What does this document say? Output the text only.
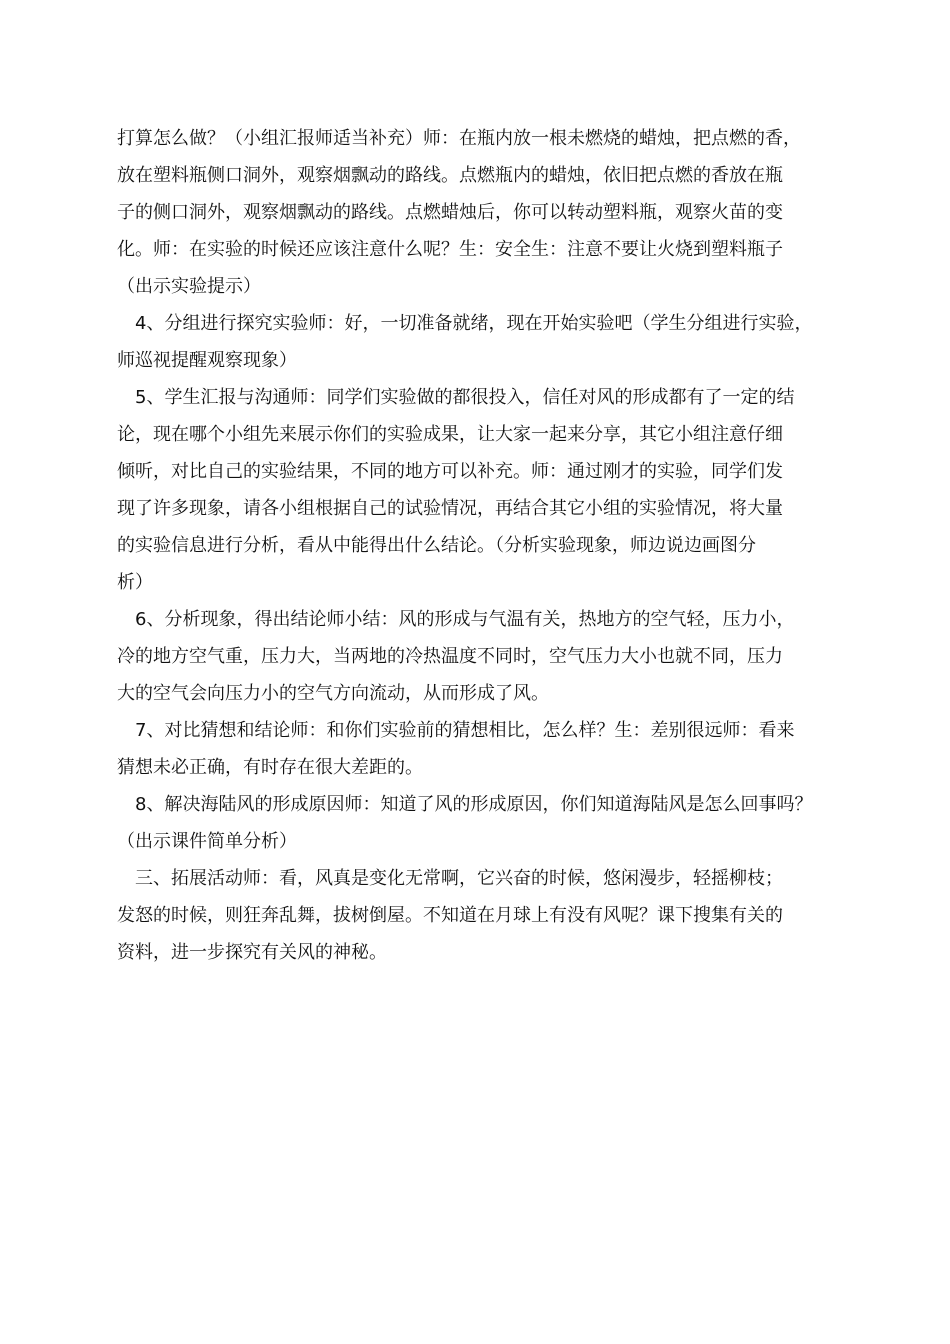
打算怎么做？（小组汇报师适当补充）师：在瓶内放一根未燃烧的蜡烛，把点燃的香，
放在塑料瓶侧口洞外，观察烟飘动的路线。点燃瓶内的蜡烛，依旧把点燃的香放在瓶
子的侧口洞外，观察烟飘动的路线。点燃蜡烛后，你可以转动塑料瓶，观察火苗的变
化。师：在实验的时候还应该注意什么呢？生：安全生：注意不要让火烧到塑料瓶子
（出示实验提示）
4、分组进行探究实验师：好，一切准备就绪，现在开始实验吧（学生分组进行实验，
师巡视提醒观察现象）
5、学生汇报与沟通师：同学们实验做的都很投入，信任对风的形成都有了一定的结
论，现在哪个小组先来展示你们的实验成果，让大家一起来分享，其它小组注意仔细
倾听，对比自己的实验结果，不同的地方可以补充。师：通过刚才的实验，同学们发
现了许多现象，请各小组根据自己的试验情况，再结合其它小组的实验情况，将大量
的实验信息进行分析，看从中能得出什么结论。（分析实验现象，师边说边画图分
析）
6、分析现象，得出结论师小结：风的形成与气温有关，热地方的空气轻，压力小，
冷的地方空气重，压力大，当两地的冷热温度不同时，空气压力大小也就不同，压力
大的空气会向压力小的空气方向流动，从而形成了风。
7、对比猜想和结论师：和你们实验前的猜想相比，怎么样？生：差别很远师：看来
猜想未必正确，有时存在很大差距的。
8、解决海陆风的形成原因师：知道了风的形成原因，你们知道海陆风是怎么回事吗？
（出示课件简单分析）
三、拓展活动师：看，风真是变化无常啊，它兴奋的时候，悠闲漫步，轻摇柳枝；
发怒的时候，则狂奔乱舞，拔树倒屋。不知道在月球上有没有风呢？课下搜集有关的
资料，进一步探究有关风的神秘。
